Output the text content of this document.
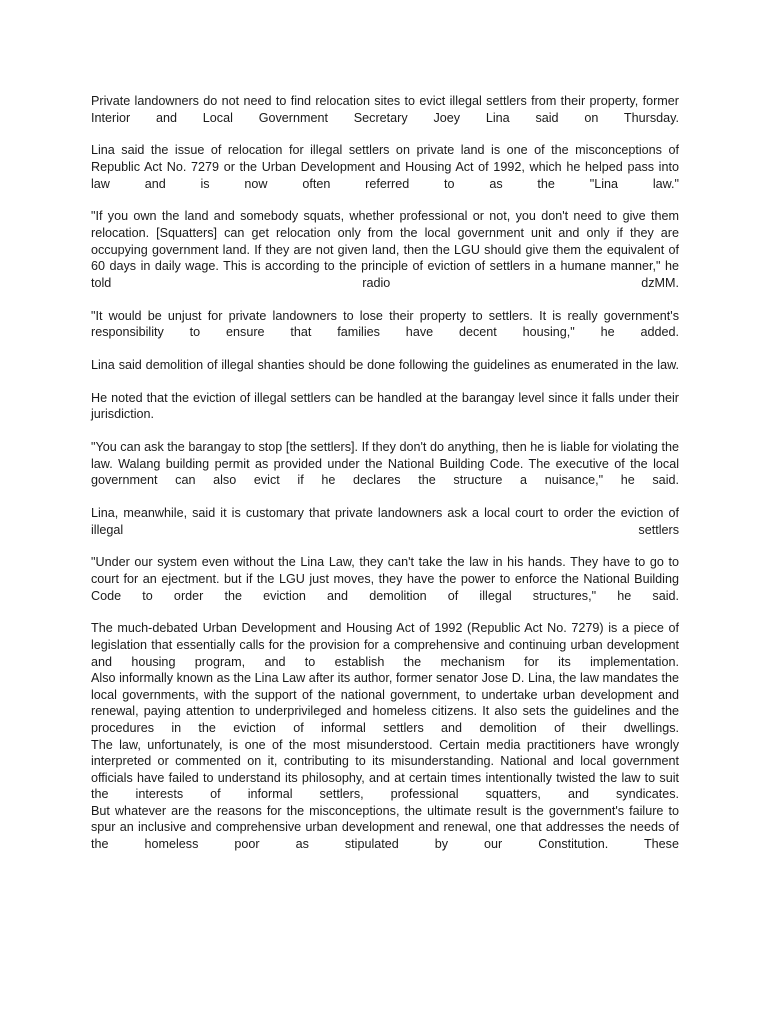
Private landowners do not need to find relocation sites to evict illegal settlers from their property, former Interior and Local Government Secretary Joey Lina said on Thursday.

Lina said the issue of relocation for illegal settlers on private land is one of the misconceptions of Republic Act No. 7279 or the Urban Development and Housing Act of 1992, which he helped pass into law and is now often referred to as the "Lina law."

"If you own the land and somebody squats, whether professional or not, you don't need to give them relocation. [Squatters] can get relocation only from the local government unit and only if they are occupying government land. If they are not given land, then the LGU should give them the equivalent of 60 days in daily wage. This is according to the principle of eviction of settlers in a humane manner," he told radio dzMM.

"It would be unjust for private landowners to lose their property to settlers. It is really government's responsibility to ensure that families have decent housing," he added.

Lina said demolition of illegal shanties should be done following the guidelines as enumerated in the law.

He noted that the eviction of illegal settlers can be handled at the barangay level since it falls under their jurisdiction.

"You can ask the barangay to stop [the settlers]. If they don't do anything, then he is liable for violating the law. Walang building permit as provided under the National Building Code. The executive of the local government can also evict if he declares the structure a nuisance," he said.

Lina, meanwhile, said it is customary that private landowners ask a local court to order the eviction of illegal settlers

"Under our system even without the Lina Law, they can't take the law in his hands. They have to go to court for an ejectment. but if the LGU just moves, they have the power to enforce the National Building Code to order the eviction and demolition of illegal structures," he said.

The much-debated Urban Development and Housing Act of 1992 (Republic Act No. 7279) is a piece of legislation that essentially calls for the provision for a comprehensive and continuing urban development and housing program, and to establish the mechanism for its implementation.

Also informally known as the Lina Law after its author, former senator Jose D. Lina, the law mandates the local governments, with the support of the national government, to undertake urban development and renewal, paying attention to underprivileged and homeless citizens. It also sets the guidelines and the procedures in the eviction of informal settlers and demolition of their dwellings.

The law, unfortunately, is one of the most misunderstood. Certain media practitioners have wrongly interpreted or commented on it, contributing to its misunderstanding. National and local government officials have failed to understand its philosophy, and at certain times intentionally twisted the law to suit the interests of informal settlers, professional squatters, and syndicates.

But whatever are the reasons for the misconceptions, the ultimate result is the government's failure to spur an inclusive and comprehensive urban development and renewal, one that addresses the needs of the homeless poor as stipulated by our Constitution. These
